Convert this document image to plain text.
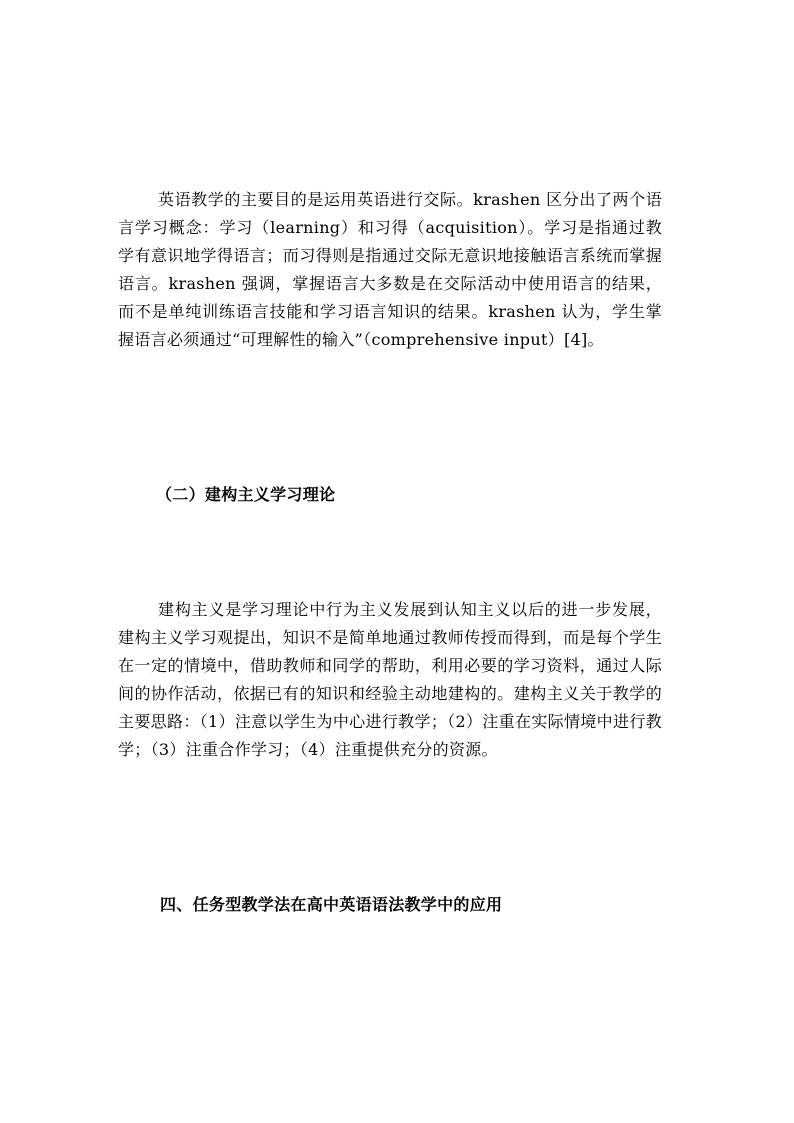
英语教学的主要目的是运用英语进行交际。krashen 区分出了两个语言学习概念：学习（learning）和习得（acquisition）。学习是指通过教学有意识地学得语言；而习得则是指通过交际无意识地接触语言系统而掌握语言。krashen 强调，掌握语言大多数是在交际活动中使用语言的结果，而不是单纯训练语言技能和学习语言知识的结果。krashen 认为，学生掌握语言必须通过“可理解性的输入”（comprehensive input）[4]。

（二）建构主义学习理论

建构主义是学习理论中行为主义发展到认知主义以后的进一步发展，建构主义学习观提出，知识不是简单地通过教师传授而得到，而是每个学生在一定的情境中，借助教师和同学的帮助，利用必要的学习资料，通过人际间的协作活动，依据已有的知识和经验主动地建构的。建构主义关于教学的主要思路：（1）注意以学生为中心进行教学；（2）注重在实际情境中进行教学；（3）注重合作学习；（4）注重提供充分的资源。

四、任务型教学法在高中英语语法教学中的应用
